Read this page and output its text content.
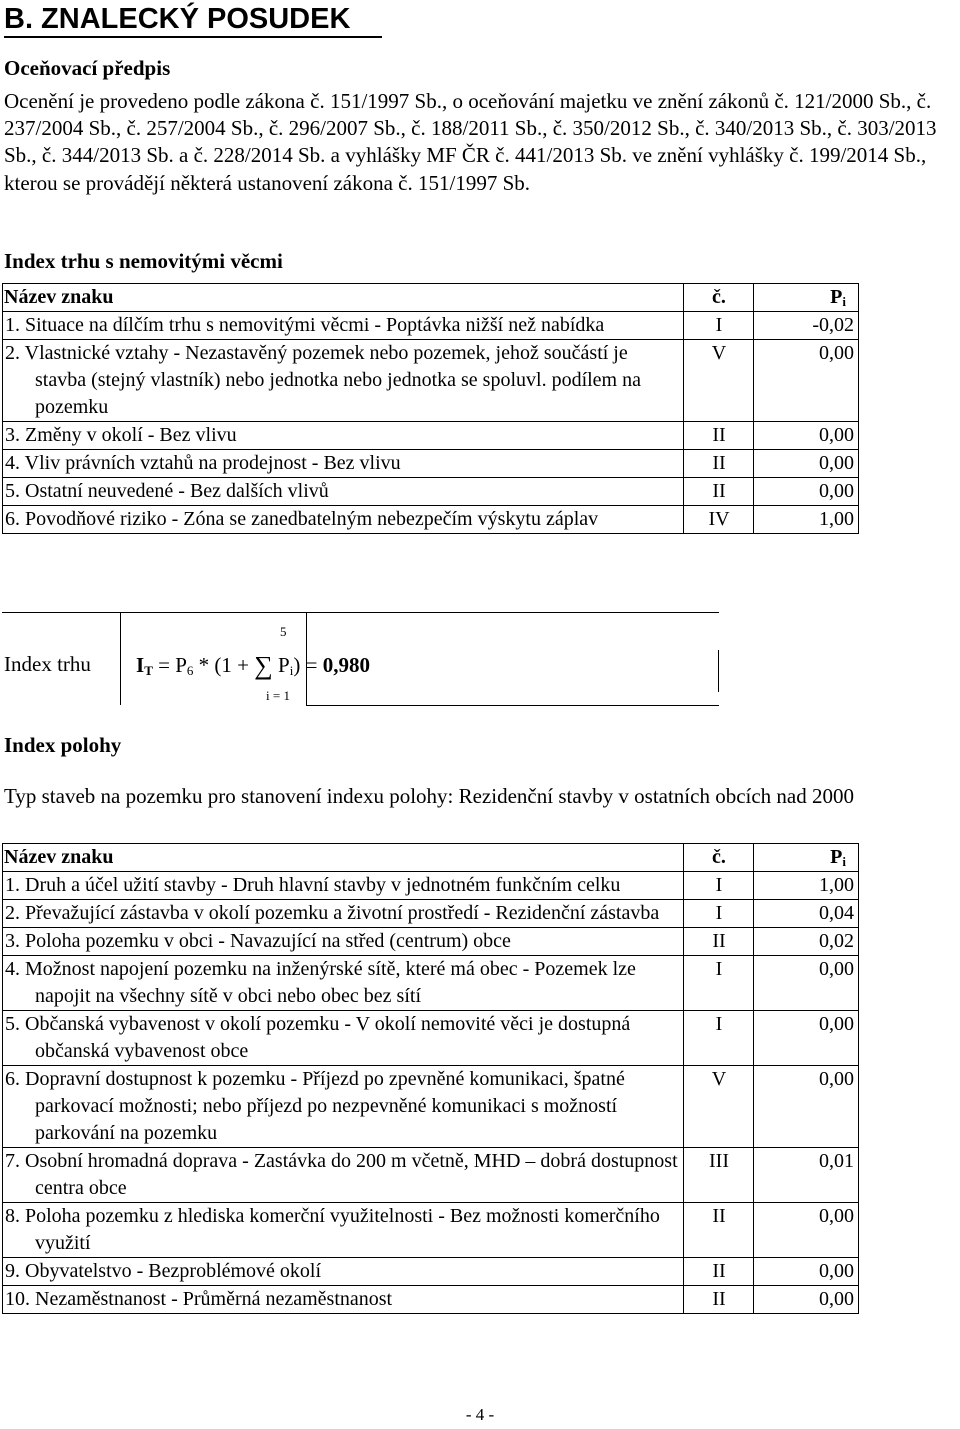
B. ZNALECKÝ POSUDEK
Oceňovací předpis
Ocenění je provedeno podle zákona č. 151/1997 Sb., o oceňování majetku ve znění zákonů č. 121/2000 Sb., č. 237/2004 Sb., č. 257/2004 Sb., č. 296/2007 Sb., č. 188/2011 Sb., č. 350/2012 Sb., č. 340/2013 Sb., č. 303/2013 Sb., č. 344/2013 Sb. a č. 228/2014 Sb. a vyhlášky MF ČR č. 441/2013 Sb. ve znění vyhlášky č. 199/2014 Sb., kterou se provádějí některá ustanovení zákona č. 151/1997 Sb.
Index trhu s nemovitými věcmi
Název znaku	č.	$P_i$
1. Situace na dílčím trhu s nemovitými věcmi - Poptávka nižší než nabídka	I	-0,02
2. Vlastnické vztahy - Nezastavěný pozemek nebo pozemek, jehož součástí je stavba (stejný vlastník) nebo jednotka nebo jednotka se spoluvl. podílem na pozemku	V	0,00
3. Změny v okolí - Bez vlivu	II	0,00
4. Vliv právních vztahů na prodejnost - Bez vlivu	II	0,00
5. Ostatní neuvedené - Bez dalších vlivů	II	0,00
6. Povodňové riziko - Zóna se zanedbatelným nebezpečím výskytu záplav	IV	1,00
Index trhu
5
$I_T = P_6 * (1$ + ∑ $P_i) = 0,980$
i = 1
Index polohy
Typ staveb na pozemku pro stanovení indexu polohy: Rezidenční stavby v ostatních obcích nad 2000
Název znaku	č.	$P_i$
1. Druh a účel užití stavby - Druh hlavní stavby v jednotném funkčním celku	I	1,00
2. Převažující zástavba v okolí pozemku a životní prostředí - Rezidenční zástavba	I	0,04
3. Poloha pozemku v obci - Navazující na střed (centrum) obce	II	0,02
4. Možnost napojení pozemku na inženýrské sítě, které má obec - Pozemek lze napojit na všechny sítě v obci nebo obec bez sítí	I	0,00
5. Občanská vybavenost v okolí pozemku - V okolí nemovité věci je dostupná občanská vybavenost obce	I	0,00
6. Dopravní dostupnost k pozemku - Příjezd po zpevněné komunikaci, špatné parkovací možnosti; nebo příjezd po nezpevněné komunikaci s možností parkování na pozemku	V	0,00
7. Osobní hromadná doprava - Zastávka do 200 m včetně, MHD – dobrá dostupnost centra obce	III	0,01
8. Poloha pozemku z hlediska komerční využitelnosti - Bez možnosti komerčního využití	II	0,00
9. Obyvatelstvo - Bezproblémové okolí	II	0,00
10. Nezaměstnanost - Průměrná nezaměstnanost	II	0,00
- 4 -
